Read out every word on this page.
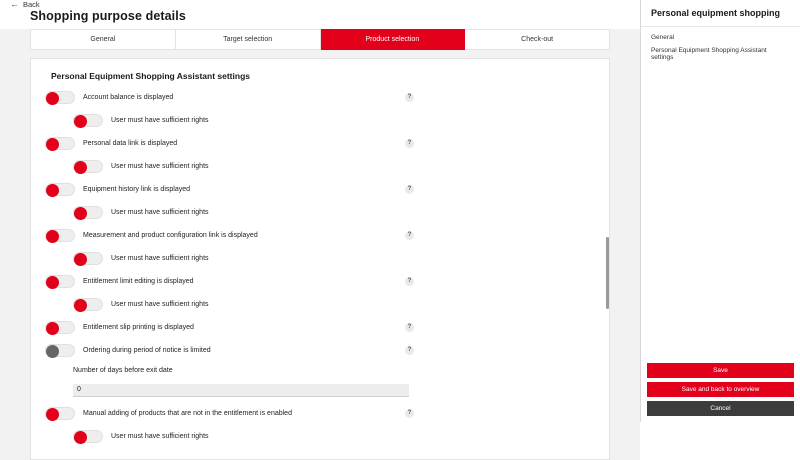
← Back
Shopping purpose details
General	Target selection	Product selection	Check-out
Personal Equipment Shopping Assistant settings
Account balance is displayed	?
User must have sufficient rights
Personal data link is displayed	?
User must have sufficient rights
Equipment history link is displayed	?
User must have sufficient rights
Measurement and product configuration link is displayed	?
User must have sufficient rights
Entitlement limit editing is displayed	?
User must have sufficient rights
Entitlement slip printing is displayed	?
Ordering during period of notice is limited	?
Number of days before exit date
0
Manual adding of products that are not in the entitlement is enabled	?
User must have sufficient rights
Personal equipment shopping
General
Personal Equipment Shopping Assistant settings
Save
Save and back to overview
Cancel
